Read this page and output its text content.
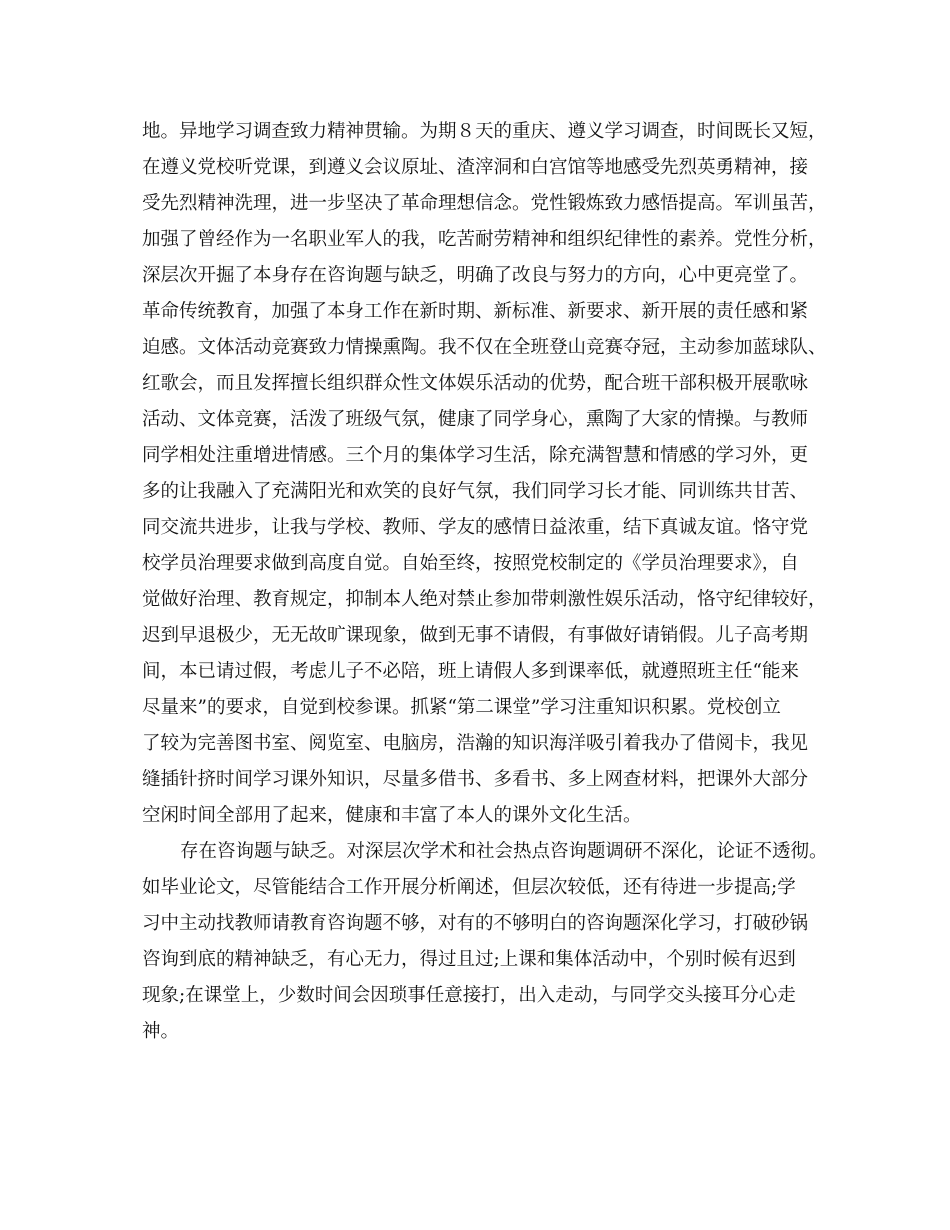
地。异地学习调查致力精神贯输。为期８天的重庆、遵义学习调查，时间既长又短，
在遵义党校听党课，到遵义会议原址、渣滓洞和白宫馆等地感受先烈英勇精神，接
受先烈精神洗理，进一步坚决了革命理想信念。党性锻炼致力感悟提高。军训虽苦，
加强了曾经作为一名职业军人的我，吃苦耐劳精神和组织纪律性的素养。党性分析，
深层次开掘了本身存在咨询题与缺乏，明确了改良与努力的方向，心中更亮堂了。
革命传统教育，加强了本身工作在新时期、新标准、新要求、新开展的责任感和紧
迫感。文体活动竞赛致力情操熏陶。我不仅在全班登山竞赛夺冠，主动参加蓝球队、
红歌会，而且发挥擅长组织群众性文体娱乐活动的优势，配合班干部积极开展歌咏
活动、文体竞赛，活泼了班级气氛，健康了同学身心，熏陶了大家的情操。与教师
同学相处注重增进情感。三个月的集体学习生活，除充满智慧和情感的学习外，更
多的让我融入了充满阳光和欢笑的良好气氛，我们同学习长才能、同训练共甘苦、
同交流共进步，让我与学校、教师、学友的感情日益浓重，结下真诚友谊。恪守党
校学员治理要求做到高度自觉。自始至终，按照党校制定的《学员治理要求》，自
觉做好治理、教育规定，抑制本人绝对禁止参加带刺激性娱乐活动，恪守纪律较好，
迟到早退极少，无无故旷课现象，做到无事不请假，有事做好请销假。儿子高考期
间，本已请过假，考虑儿子不必陪，班上请假人多到课率低，就遵照班主任“能来
尽量来”的要求，自觉到校参课。抓紧“第二课堂”学习注重知识积累。党校创立
了较为完善图书室、阅览室、电脑房，浩瀚的知识海洋吸引着我办了借阅卡，我见
缝插针挤时间学习课外知识，尽量多借书、多看书、多上网查材料，把课外大部分
空闲时间全部用了起来，健康和丰富了本人的课外文化生活。
存在咨询题与缺乏。对深层次学术和社会热点咨询题调研不深化，论证不透彻。
如毕业论文，尽管能结合工作开展分析阐述，但层次较低，还有待进一步提高;学
习中主动找教师请教育咨询题不够，对有的不够明白的咨询题深化学习，打破砂锅
咨询到底的精神缺乏，有心无力，得过且过;上课和集体活动中，个别时候有迟到
现象;在课堂上，少数时间会因琐事任意接打，出入走动，与同学交头接耳分心走
神。
